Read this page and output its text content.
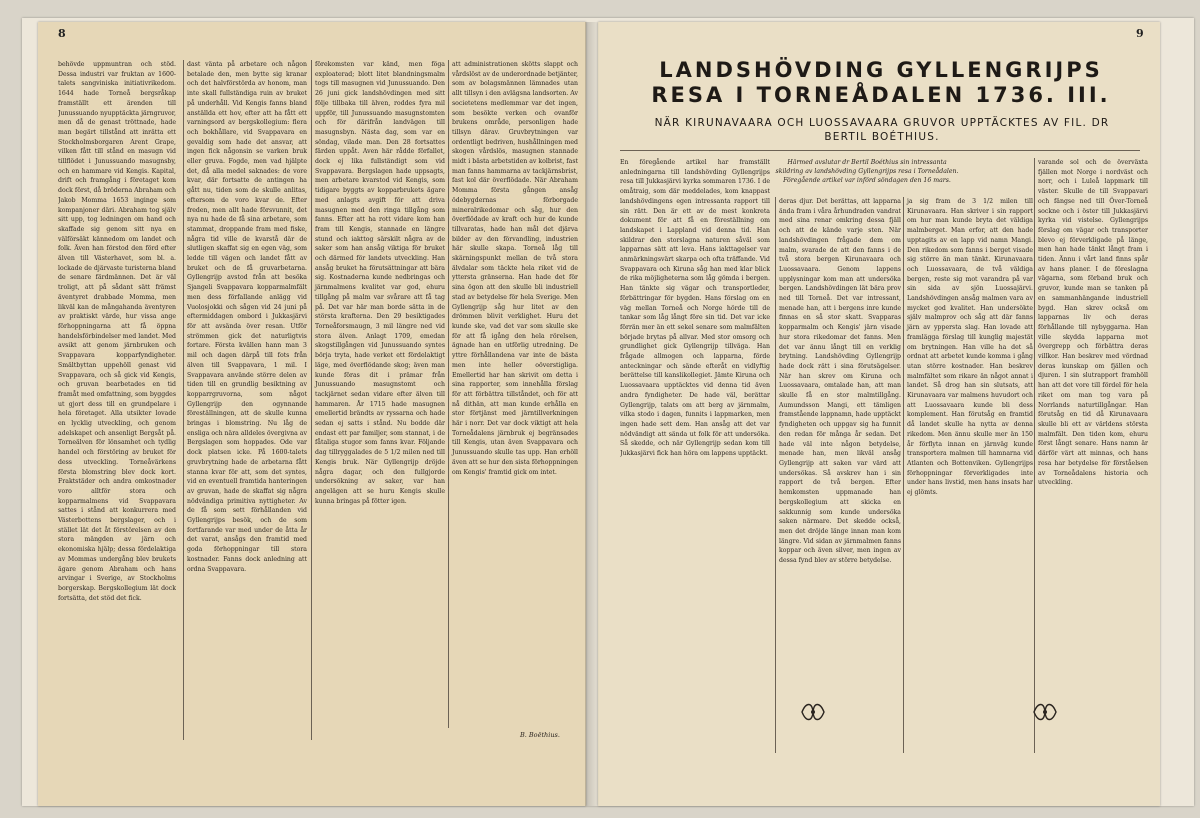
8	9

behövde uppmuntran och stöd. Dessa industri var fruktan av 1600-talets sangviniska initiativrikedom. 1644 hade Torneå bergsråkap framställt ett ärenden till Junussuando nyupptäckta järngruvor, men då de genast tröttnade, hade man begärt tillstånd att inrätta ett Stockholmsborgaren Arent Grape, vilken fått till stånd en masugn vid tillflödet i Junussuando masugnsby, och en hammare vid Kengis. Kapital, drift och framgång i företaget kom dock först, då bröderna Abraham och Jakob Momma 1653 inginge som kompanjoner däri. Abraham tog själv sitt upp, tog ledningen om hand och skaffade sig genom sitt nya en välförsäkt kännedom om landet och folk. Även han förstod den förd efter älven till Västerhavet, som bl. a. lockade de djärvaste turisterna bland de senare färdmännen. Det är väl troligt, att på sådant sätt främst äventyret drabbade Momma, men likväl kan de mångahanda äventyren av praktiskt värde, hur vissa ange förhoppningarna att få öppna handelsförbindelser med landet. Med avsikt att genom järnbruken och Svappavara kopparfyndigheter. Smältbyttan uppehöll genast vid Svappavara, och så gick vid Kengis, och gruvan bearbetades en tid framåt med omfattning, som byggdes ut gjort dess till en grundpelare i hela företaget. Alla utsikter lovade en lycklig utveckling, och genom adelskapet och ansenligt Bergsåt på. Torneälven för lönsamhet och tydlig handel och förstöring av bruket för dess utveckling. Torneåvärkens första blomstring blev dock kort. Fraktstäder och andra omkostnader voro alltför stora och kopparmalmens vid Svappavara sattes i stånd att konkurrera med Västerbottens bergslager, och i stället lät det åt förstörelsen av den stora mängden av järn och ekonomiska hjälp; dessa fördelaktiga av Mommas undergång blev brukets ägare genom Abraham och hans arvingar i Sverige, av Stockholms borgerskap. Bergskollegium lät dock fortsätta, det stöd det fick.

dast vänta på arbetare och någon betalade den, men bytte sig kranar och det halvförstörda av honom, man inte skall fullständiga ruin av bruket på underhåll. Vid Kengis fanns bland anställda ett hov, efter att ha fått ett varningsord av bergskollegium: flera och bokhållare, vid Svappavara en gevaldig som hade det ansvar, att ingen fick någonsin se varken bruk eller gruva. Fogde, men vad hjälpte det, då alla medel saknades: de vore kvar, där fortsatte de antingen ha gått nu, tiden som de skulle anlitas, eftersom de voro kvar de. Efter freden, men allt hade försvunnit, det nya nu hade de få sina arbetare, som stammat, droppande fram med fiske, några tid ville de kvarstå där de slutligen skaffat sig en egen väg, som ledde till vägen och landet fått av bruket och de få gruvarbetarna. Gyllengrijp avstod från att besöka Sjangeli Svappavara kopparmalmfält men dess förfallande anlägg vid Vuolosjokki och sågen vid 24 juni på eftermiddagen ombord i Jukkasjärvi för att avsända över resan. Utför strömmen gick det naturligtvis fortare. Första kvällen hann man 3 mil och dagen därpå till fots från älven till Svappavara, 1 mil. I Svappavara använde större delen av tiden till en grundlig besiktning av kopparrgruvorna, som något Gyllengrijp den ogynnande föreställningen, att de skulle kunna bringas i blomstring. Nu låg de ensliga och nära alldeles övergivna av Bergslagen som hoppades. Ode var dock platsen icke. På 1600-talets gruvbrytning hade de arbetarna fått stanna kvar för att, som det syntes, vid en eventuell framtida hanteringen av gruvan, hade de skaffat sig några nödvändiga primitiva nyttigheter. Av de få som sett förhållanden vid Gyllengrijps besök, och de som fortfarande var med under de åtta år det varat, ansågs den framtid med goda förhoppningar till stora kostnader. Fanns dock anledning att ordna Svappavara.

förekomsten var känd, men föga exploaterad; blott litet blandningsmalm togs till masugnen vid Junussuando. Den 26 juni gick landshövdingen med sitt följe tillbaka till älven, roddes fyra mil uppför, till Junussuando masugnstomten och för därifrån landvägen till masugnsbyn. Nästa dag, som var en söndag, vilade man. Den 28 fortsattes färden uppåt. Aven här rådde förfallet, dock ej lika fullständigt som vid Svappavara. Bergslagen hade uppsagts, men arbetare kvarstod vid Kengis, som tidigare byggts av kopparbrukets ägare med anlagts avgift för att driva masugnen med den ringa tillgång som fanns. Efter att ha rott vidare kom han fram till Kengis, stannade en längre stund och iakttog särskilt några av de saker som han ansåg viktiga för bruket och därmed för landets utveckling. Han ansåg bruket ha förutsättningar att bära sig. Kostnaderna kunde nedbringas och järnmalmens kvalitet var god, ehuru tillgång på malm var svårare att få tag på. Det var här man borde sätta in de största krafterna. Den 29 besiktigades Torneåforsmaugn, 3 mil längre ned vid stora älven. Anlagt 1709, emedan skogstillgången vid Junussuando syntes börja tryta, hade verket ett fördelaktigt läge, med överflödande skog; även man kunde föras dit i prämar från Junussuando masugnstomt och tackjärnet sedan vidare efter älven till hammaren. År 1715 hade masugnen emellertid brändts av ryssarna och hade sedan ej satts i stånd. Nu bodde där endast ett par familjer, som stannat, i de fåtaliga stugor som fanns kvar. Följande dag tillryggalades de 5 1/2 milen ned till Kengis bruk. När Gyllengrijp dröjde några dagar, och den fullgjorde undersökning av saker, var han angelägen att se huru Kengis skulle kunna bringas på fötter igen.

att administrationen skötts slappt och vårdslöst av de underordnade betjänter, som av bolagsmännen lämnades utan allt tillsyn i den avlägsna landsorten. Av societetens medlemmar var det ingen, som besökte verken och ovanför brukens område, personligen hade tillsyn därav. Gruvbrytningen var ordentligt bedriven, hushållningen med skogen vårdslös, masugnen stannade midt i bästa arbetstiden av kolbrist, fast man fanns hammarna av tackjärnsbrist, fast kol där överflödade. När Abraham Momma första gången ansåg ödebygdernas förborgade mineralrikedomar och såg, hur den överflödade av kraft och hur de kunde tillvaratas, hade han mål det djärva bilder av den förvandling, industrien här skulle skapa. Torneå låg till skärningspunkt mellan de två stora älvdalar som täckte hela riket vid de yttersta gränserna. Han hade det för sina ögon att den skulle bli industriell stad av betydelse för hela Sverige. Men Gyllengrijp såg hur litet av den drömmen blivit verklighet. Huru det kunde ske, vad det var som skulle ske för att få igång den hela rörelsen, ägnade han en utförlig utredning. De yttre förhållandena var inte de bästa men inte heller oöverstigliga. Emellertid har han skrivit om detta i sina rapporter, som innehålla förslag för att förbättra tillståndet, och för att nå dithän, att man kunde erhålla en stor förtjänst med järntillverkningen här i norr. Det var dock viktigt att hela Torneådalens järnbruk ej begränsades till Kengis, utan även Svappavara och Junussuando skulle tas upp. Han erhöll även att se hur den sista förhoppningen om Kengis' framtid gick om intet.

B. Boëthius.
LANDSHÖVDING GYLLENGRIJPS
RESA I TORNEÅDALEN 1736. III.
NÄR KIRUNAVAARA OCH LUOSSAVAARA GRUVOR UPPTÄCKTES AV FIL. DR
BERTIL BOÉTHIUS.
Härmed avslutar dr Bertil Boéthius sin intressanta skildring av landshövding Gyllengrijps resa i Torneådalen. Föregående artikel var införd söndagen den 16 mars.

En föregående artikel har framställt anledningarna till landshövding Gyllengrijps resa till Jukkasjärvi kyrka sommaren 1736. I de omåtraig, som där meddelades, kom knappast landshövdingens egen intressanta rapport till sin rätt. Den är ett av de mest konkreta dokument för att få en föreställning om landskapet i Lappland vid denna tid. Han skildrar den storslagna naturen såväl som lapparnas sätt att leva. Hans iakttagelser var anmärkningsvärt skarpa och ofta träffande. Vid Svappavara och Kiruna såg han med klar blick de rika möjligheterna som låg gömda i bergen. Han tänkte sig vägar och transportleder, förbättringar för bygden. Hans förslag om en väg mellan Torneå och Norge hörde till de tankar som låg långt före sin tid. Det var icke förrän mer än ett sekel senare som malmfälten började brytas på allvar. Med stor omsorg och grundlighet gick Gyllengrijp tillväga. Han frågade allmogen och lapparna, förde anteckningar och sände efteråt en vidlyftig berättelse till kanslikollegiet. Jämte Kiruna och Luossavaara upptäcktes vid denna tid även andra fyndigheter. De hade väl, berättar Gyllengrijp, talats om att berg av järnmalm, vilka stodo i dagen, funnits i lappmarken, men ingen hade sett dem. Han ansåg att det var nödvändigt att sända ut folk för att undersöka. Så skedde, och när Gyllengrijp sedan kom till Jukkasjärvi fick han höra om lappens upptäckt.

deras djur. Det berättas, att lapparna ända fram i våra århundraden vandrat med sina renar omkring dessa fjäll och att de kände varje sten. När landshövdingen frågade dem om malm, svarade de att den fanns i de två stora bergen Kirunavaara och Luossavaara. Genom lappens upplysningar kom man att undersöka bergen. Landshövdingen lät bära prov ned till Torneå. Det var intressant, menade han, att i bergens inre kunde finnas en så stor skatt. Svapparas kopparmalm och Kengis' järn visade hur stora rikedomar det fanns. Men det var ännu långt till en verklig brytning. Landshövding Gyllengrijp hade dock rätt i sina förutsägelser. När han skrev om Kiruna och Luossavaara, omtalade han, att man skulle få en stor malmtillgång. Aumundsson Mangi, ett tämligen framstående lappnamn, hade upptäckt fyndigheten och uppgav sig ha funnit den redan för många år sedan. Det hade väl inte någon betydelse, menade han, men likväl ansåg Gyllengrijp att saken var värd att undersökas. Så avskrev han i sin rapport de två bergen. Efter hemkomsten uppmanade han bergskollegium att skicka en sakkunnig som kunde undersöka saken närmare. Det skedde också, men det dröjde länge innan man kom längre. Vid sidan av järnmalmen fanns koppar och även silver, men ingen av dessa fynd blev av större betydelse.

ja sig fram de 3 1/2 milen till Kirunavaara. Han skriver i sin rapport om hur man kunde bryta det väldiga malmberget. Man erfor, att den hade upptagits av en lapp vid namn Mangi. Den rikedom som fanns i berget visade sig större än man tänkt. Kirunavaara och Luossavaara, de två väldiga bergen, reste sig mot varandra på var sin sida av sjön Luossajärvi. Landshövdingen ansåg malmen vara av mycket god kvalitet. Han undersökte själv malmprov och såg att där fanns järn av yppersta slag. Han lovade att framlägga förslag till kunglig majestät om brytningen. Han ville ha det så ordnat att arbetet kunde komma i gång utan större kostnader. Han beskrev malmfältet som rikare än något annat i landet. Så drog han sin slutsats, att Kirunavaara var malmens huvudort och att Luossavaara kunde bli dess komplement. Han förutsåg en framtid då landet skulle ha nytta av denna rikedom. Men ännu skulle mer än 150 år förflyta innan en järnväg kunde transportera malmen till hamnarna vid Atlanten och Bottenviken. Gyllengrijps förhoppningar förverkligades inte under hans livstid, men hans insats har ej glömts.

varande sol och de överväxta fjällen mot Norge i nordväst och norr, och i Luleå lappmark till väster. Skulle de till Svappavari och fängse ned till Över-Torneå sockne och i öster till Jukkasjärvi kyrka vid vistelse. Gyllengrijps förslag om vägar och transporter blevo ej förverkligade på länge, men han hade tänkt långt fram i tiden. Ännu i vårt land finns spår av hans planer. I de föreslagna vägarna, som förband bruk och gruvor, kunde man se tanken på en sammanhängande industriell bygd. Han skrev också om lapparnas liv och deras förhållande till nybyggarna. Han ville skydda lapparna mot övergrepp och förbättra deras villkor. Han beskrev med vördnad deras kunskap om fjällen och djuren. I sin slutrapport framhöll han att det vore till fördel för hela riket om man tog vara på Norrlands naturtillgångar. Han förutsåg en tid då Kirunavaara skulle bli ett av världens största malmfält. Den tiden kom, ehuru först långt senare. Hans namn är därför värt att minnas, och hans resa har betydelse för förståelsen av Torneådalens historia och utveckling.
